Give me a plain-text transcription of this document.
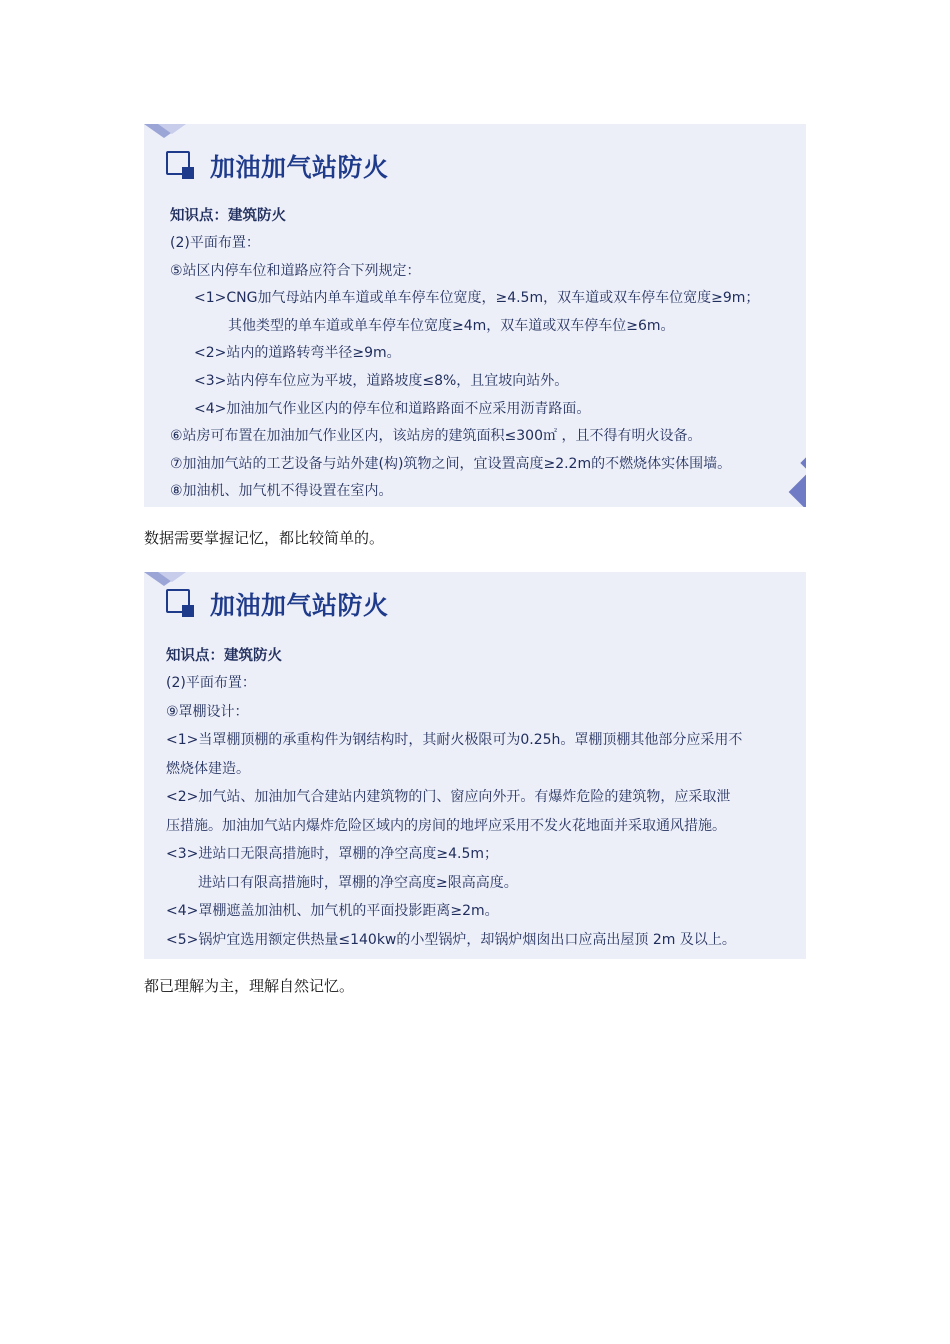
加油加气站防火
知识点：建筑防火
(2)平面布置：
⑤站区内停车位和道路应符合下列规定：
<1>CNG加气母站内单车道或单车停车位宽度，≥4.5m，双车道或双车停车位宽度≥9m；
其他类型的单车道或单车停车位宽度≥4m，双车道或双车停车位≥6m。
<2>站内的道路转弯半径≥9m。
<3>站内停车位应为平坡，道路坡度≤8%，且宜坡向站外。
<4>加油加气作业区内的停车位和道路路面不应采用沥青路面。
⑥站房可布置在加油加气作业区内，该站房的建筑面积≤300㎡ ，且不得有明火设备。
⑦加油加气站的工艺设备与站外建(构)筑物之间，宜设置高度≥2.2m的不燃烧体实体围墙。
⑧加油机、加气机不得设置在室内。
数据需要掌握记忆，都比较简单的。
加油加气站防火
知识点：建筑防火
(2)平面布置：
⑨罩棚设计：
<1>当罩棚顶棚的承重构件为钢结构时，其耐火极限可为0.25h。罩棚顶棚其他部分应采用不
燃烧体建造。
<2>加气站、加油加气合建站内建筑物的门、窗应向外开。有爆炸危险的建筑物，应采取泄
压措施。加油加气站内爆炸危险区域内的房间的地坪应采用不发火花地面并采取通风措施。
<3>进站口无限高措施时，罩棚的净空高度≥4.5m；
进站口有限高措施时，罩棚的净空高度≥限高高度。
<4>罩棚遮盖加油机、加气机的平面投影距离≥2m。
<5>锅炉宜选用额定供热量≤140kw的小型锅炉，却锅炉烟囱出口应高出屋顶 2m 及以上。
都已理解为主，理解自然记忆。
